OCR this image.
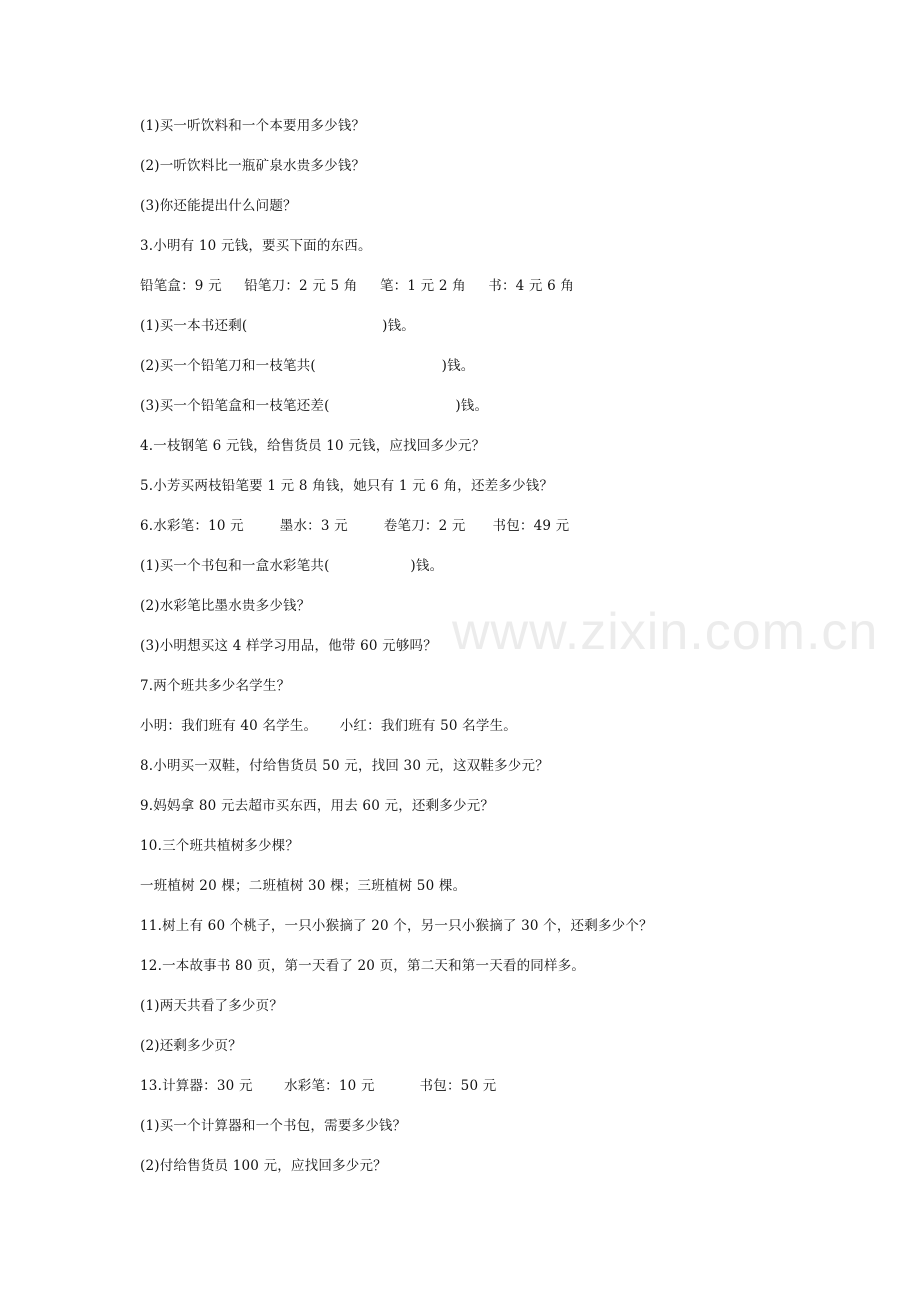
www.zixin.com.cn
(1)买一听饮料和一个本要用多少钱？
(2)一听饮料比一瓶矿泉水贵多少钱？
(3)你还能提出什么问题？
3.小明有 10 元钱，要买下面的东西。
铅笔盒：9 元     铅笔刀：2 元 5 角     笔：1 元 2 角     书：4 元 6 角
(1)买一本书还剩(                              )钱。
(2)买一个铅笔刀和一枝笔共(                            )钱。
(3)买一个铅笔盒和一枝笔还差(                            )钱。
4.一枝钢笔 6 元钱，给售货员 10 元钱，应找回多少元？
5.小芳买两枝铅笔要 1 元 8 角钱，她只有 1 元 6 角，还差多少钱？
6.水彩笔：10 元        墨水：3 元        卷笔刀：2 元      书包：49 元
(1)买一个书包和一盒水彩笔共(                  )钱。
(2)水彩笔比墨水贵多少钱？
(3)小明想买这 4 样学习用品，他带 60 元够吗？
7.两个班共多少名学生？
小明：我们班有 40 名学生。     小红：我们班有 50 名学生。
8.小明买一双鞋，付给售货员 50 元，找回 30 元，这双鞋多少元？
9.妈妈拿 80 元去超市买东西，用去 60 元，还剩多少元？
10.三个班共植树多少棵？
一班植树 20 棵；二班植树 30 棵；三班植树 50 棵。
11.树上有 60 个桃子，一只小猴摘了 20 个，另一只小猴摘了 30 个，还剩多少个？
12.一本故事书 80 页，第一天看了 20 页，第二天和第一天看的同样多。
(1)两天共看了多少页？
(2)还剩多少页？
13.计算器：30 元       水彩笔：10 元          书包：50 元
(1)买一个计算器和一个书包，需要多少钱？
(2)付给售货员 100 元，应找回多少元？
